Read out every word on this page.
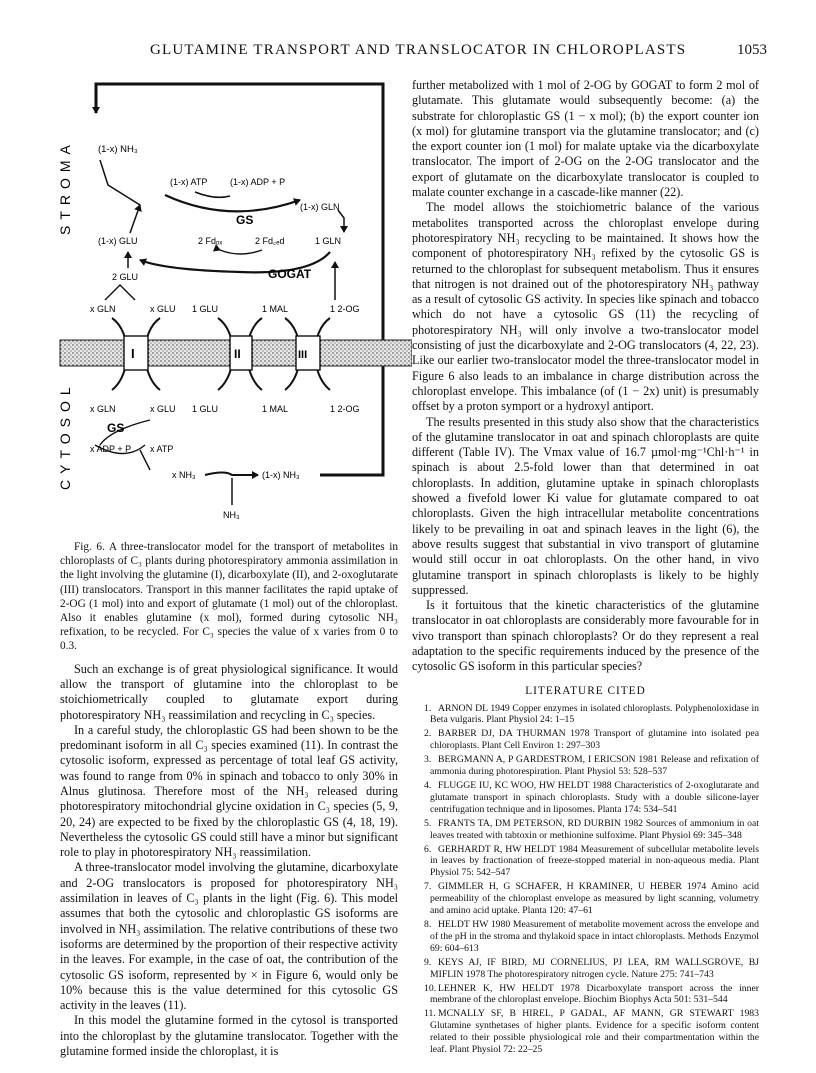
GLUTAMINE TRANSPORT AND TRANSLOCATOR IN CHLOROPLASTS	1053
STROMA
CYTOSOL
(1-x) NH₃
(1-x) ATP	(1-x) ADP + P
GS
(1-x) GLN
(1-x) GLU	2 Fdₒₓ	2 Fd꜀ₑd	1 GLN
GOGAT
2 GLU
x GLN	x GLU 1 GLU	1 MAL	1 2-OG
I	II	III
x GLN	x GLU 1 GLU	1 MAL	1 2-OG
GS
x ADP + P x ATP
x NH₃	(1-x) NH₃
NH₃

Fig. 6. A three-translocator model for the transport of metabolites in chloroplasts of C₃ plants during photorespiratory ammonia assimilation in the light involving the glutamine (I), dicarboxylate (II), and 2-oxoglutarate (III) translocators. Transport in this manner facilitates the rapid uptake of 2-OG (1 mol) into and export of glutamate (1 mol) out of the chloroplast. Also it enables glutamine (x mol), formed during cytosolic NH₃ refixation, to be recycled. For C₃ species the value of x varies from 0 to 0.3.

Such an exchange is of great physiological significance. It would allow the transport of glutamine into the chloroplast to be stoichiometrically coupled to glutamate export during photorespiratory NH₃ reassimilation and recycling in C₃ species.

In a careful study, the chloroplastic GS had been shown to be the predominant isoform in all C₃ species examined (11). In contrast the cytosolic isoform, expressed as percentage of total leaf GS activity, was found to range from 0% in spinach and tobacco to only 30% in Alnus glutinosa. Therefore most of the NH₃ released during photorespiratory mitochondrial glycine oxidation in C₃ species (5, 9, 20, 24) are expected to be fixed by the chloroplastic GS (4, 18, 19). Nevertheless the cytosolic GS could still have a minor but significant role to play in photorespiratory NH₃ reassimilation.

A three-translocator model involving the glutamine, dicarboxylate and 2-OG translocators is proposed for photorespiratory NH₃ assimilation in leaves of C₃ plants in the light (Fig. 6). This model assumes that both the cytosolic and chloroplastic GS isoforms are involved in NH₃ assimilation. The relative contributions of these two isoforms are determined by the proportion of their respective activity in the leaves. For example, in the case of oat, the contribution of the cytosolic GS isoform, represented by × in Figure 6, would only be 10% because this is the value determined for this cytosolic GS activity in the leaves (11).

In this model the glutamine formed in the cytosol is transported into the chloroplast by the glutamine translocator. Together with the glutamine formed inside the chloroplast, it is

further metabolized with 1 mol of 2-OG by GOGAT to form 2 mol of glutamate. This glutamate would subsequently become: (a) the substrate for chloroplastic GS (1 − x mol); (b) the export counter ion (x mol) for glutamine transport via the glutamine translocator; and (c) the export counter ion (1 mol) for malate uptake via the dicarboxylate translocator. The import of 2-OG on the 2-OG translocator and the export of glutamate on the dicarboxylate translocator is coupled to malate counter exchange in a cascade-like manner (22).

The model allows the stoichiometric balance of the various metabolites transported across the chloroplast envelope during photorespiratory NH₃ recycling to be maintained. It shows how the component of photorespiratory NH₃ refixed by the cytosolic GS is returned to the chloroplast for subsequent metabolism. Thus it ensures that nitrogen is not drained out of the photorespiratory NH₃ pathway as a result of cytosolic GS activity. In species like spinach and tobacco which do not have a cytosolic GS (11) the recycling of photorespiratory NH₃ will only involve a two-translocator model consisting of just the dicarboxylate and 2-OG translocators (4, 22, 23). Like our earlier two-translocator model the three-translocator model in Figure 6 also leads to an imbalance in charge distribution across the chloroplast envelope. This imbalance (of (1 − 2x) unit) is presumably offset by a proton symport or a hydroxyl antiport.

The results presented in this study also show that the characteristics of the glutamine translocator in oat and spinach chloroplasts are quite different (Table IV). The Vmax value of 16.7 µmol·mg⁻¹Chl·h⁻¹ in spinach is about 2.5-fold lower than that determined in oat chloroplasts. In addition, glutamine uptake in spinach chloroplasts showed a fivefold lower Ki value for glutamate compared to oat chloroplasts. Given the high intracellular metabolite concentrations likely to be prevailing in oat and spinach leaves in the light (6), the above results suggest that substantial in vivo transport of glutamine would still occur in oat chloroplasts. On the other hand, in vivo glutamine transport in spinach chloroplasts is likely to be highly suppressed.

Is it fortuitous that the kinetic characteristics of the glutamine translocator in oat chloroplasts are considerably more favourable for in vivo transport than spinach chloroplasts? Or do they represent a real adaptation to the specific requirements induced by the presence of the cytosolic GS isoform in this particular species?

LITERATURE CITED
1. ARNON DL 1949 Copper enzymes in isolated chloroplasts. Polyphenoloxidase in Beta vulgaris. Plant Physiol 24: 1–15
2. BARBER DJ, DA THURMAN 1978 Transport of glutamine into isolated pea chloroplasts. Plant Cell Environ 1: 297–303
3. BERGMANN A, P GARDESTROM, I ERICSON 1981 Release and refixation of ammonia during photorespiration. Plant Physiol 53: 528–537
4. FLUGGE IU, KC WOO, HW HELDT 1988 Characteristics of 2-oxoglutarate and glutamate transport in spinach chloroplasts. Study with a double silicone-layer centrifugation technique and in liposomes. Planta 174: 534–541
5. FRANTS TA, DM PETERSON, RD DURBIN 1982 Sources of ammonium in oat leaves treated with tabtoxin or methionine sulfoxime. Plant Physiol 69: 345–348
6. GERHARDT R, HW HELDT 1984 Measurement of subcellular metabolite levels in leaves by fractionation of freeze-stopped material in non-aqueous media. Plant Physiol 75: 542–547
7. GIMMLER H, G SCHAFER, H KRAMINER, U HEBER 1974 Amino acid permeability of the chloroplast envelope as measured by light scanning, volumetry and amino acid uptake. Planta 120: 47–61
8. HELDT HW 1980 Measurement of metabolite movement across the envelope and of the pH in the stroma and thylakoid space in intact chloroplasts. Methods Enzymol 69: 604–613
9. KEYS AJ, IF BIRD, MJ CORNELIUS, PJ LEA, RM WALLSGROVE, BJ MIFLIN 1978 The photorespiratory nitrogen cycle. Nature 275: 741–743
10. LEHNER K, HW HELDT 1978 Dicarboxylate transport across the inner membrane of the chloroplast envelope. Biochim Biophys Acta 501: 531–544
11. MCNALLY SF, B HIREL, P GADAL, AF MANN, GR STEWART 1983 Glutamine synthetases of higher plants. Evidence for a specific isoform content related to their possible physiological role and their compartmentation within the leaf. Plant Physiol 72: 22–25
